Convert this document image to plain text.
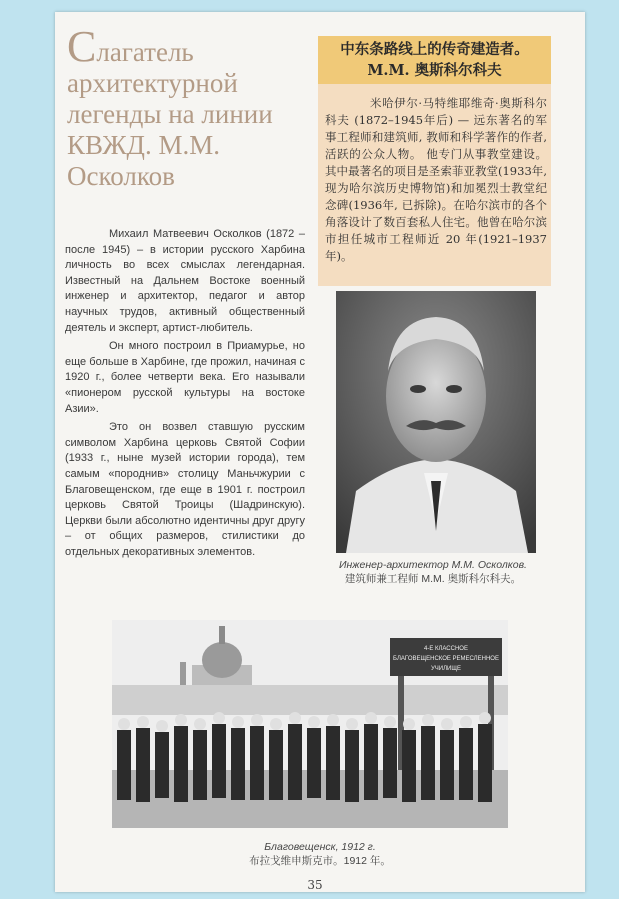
Слагатель архитектурной легенды на линии КВЖД. М.М. Осколков

Михаил Матвеевич Осколков (1872 – после 1945) – в истории русского Харбина личность во всех смыслах легендарная. Известный на Дальнем Востоке военный инженер и архитектор, педагог и автор научных трудов, активный общественный деятель и эксперт, артист-любитель.

Он много построил в Приамурье, но еще больше в Харбине, где прожил, начиная с 1920 г., более четверти века. Его называли «пионером русской культуры на востоке Азии».

Это он возвел ставшую русским символом Харбина церковь Святой Софии (1933 г., ныне музей истории города), тем самым «породнив» столицу Маньчжурии с Благовещенском, где еще в 1901 г. построил церковь Святой Троицы (Шадринскую). Церкви были абсолютно идентичны друг другу – от общих размеров, стилистики до отдельных декоративных элементов.

中东条路线上的传奇建造者。
M.M. 奥斯科尔科夫

米哈伊尔·马特维耶维奇·奥斯科尔科夫 (1872–1945年后) — 远东著名的军事工程师和建筑师, 教师和科学著作的作者, 活跃的公众人物。 他专门从事教堂建设。 其中最著名的项目是圣索菲亚教堂(1933年, 现为哈尔滨历史博物馆)和加冕烈士教堂纪念碑(1936年, 已拆除)。在哈尔滨市的各个角落设计了数百套私人住宅。他曾在哈尔滨市担任城市工程师近 20 年(1921–1937 年)。

Инженер-архитектор М.М. Осколков.
建筑师兼工程师 M.M. 奥斯科尔科夫。
4-Е КЛАССНОЕ
БЛАГОВЕЩЕНСКОЕ РЕМЕСЛЕННОЕ
УЧИЛИЩЕ
Благовещенск, 1912 г.
布拉戈维申斯克市。1912 年。
35
